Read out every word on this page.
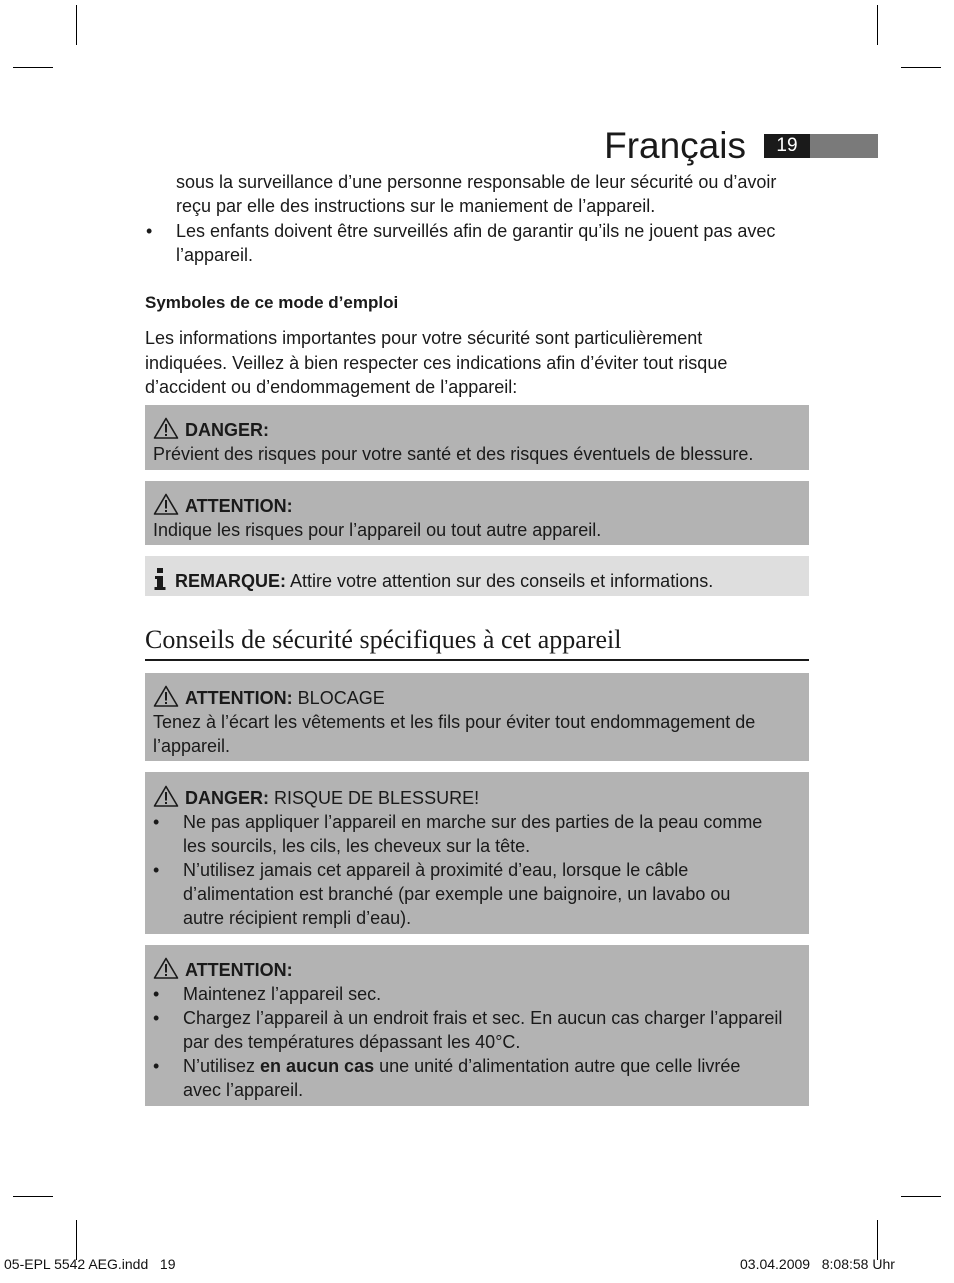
Français	19
sous la surveillance d’une personne responsable de leur sécurité ou d’avoir
reçu par elle des instructions sur le maniement de l’appareil.
• Les enfants doivent être surveillés afin de garantir qu’ils ne jouent pas avec
l’appareil.
Symboles de ce mode d’emploi
Les informations importantes pour votre sécurité sont particulièrement
indiquées. Veillez à bien respecter ces indications afin d’éviter tout risque
d’accident ou d’endommagement de l’appareil:
DANGER:
Prévient des risques pour votre santé et des risques éventuels de blessure.
ATTENTION:
Indique les risques pour l’appareil ou tout autre appareil.
REMARQUE: Attire votre attention sur des conseils et informations.
Conseils de sécurité spécifiques à cet appareil
ATTENTION: BLOCAGE
Tenez à l’écart les vêtements et les fils pour éviter tout endommagement de
l’appareil.
DANGER: RISQUE DE BLESSURE!
• Ne pas appliquer l’appareil en marche sur des parties de la peau comme
les sourcils, les cils, les cheveux sur la tête.
• N’utilisez jamais cet appareil à proximité d’eau, lorsque le câble
d’alimentation est branché (par exemple une baignoire, un lavabo ou
autre récipient rempli d’eau).
ATTENTION:
• Maintenez l’appareil sec.
• Chargez l’appareil à un endroit frais et sec. En aucun cas charger l’appareil
par des températures dépassant les 40°C.
• N’utilisez en aucun cas une unité d’alimentation autre que celle livrée
avec l’appareil.
05-EPL 5542 AEG.indd   19	03.04.2009   8:08:58 Uhr
